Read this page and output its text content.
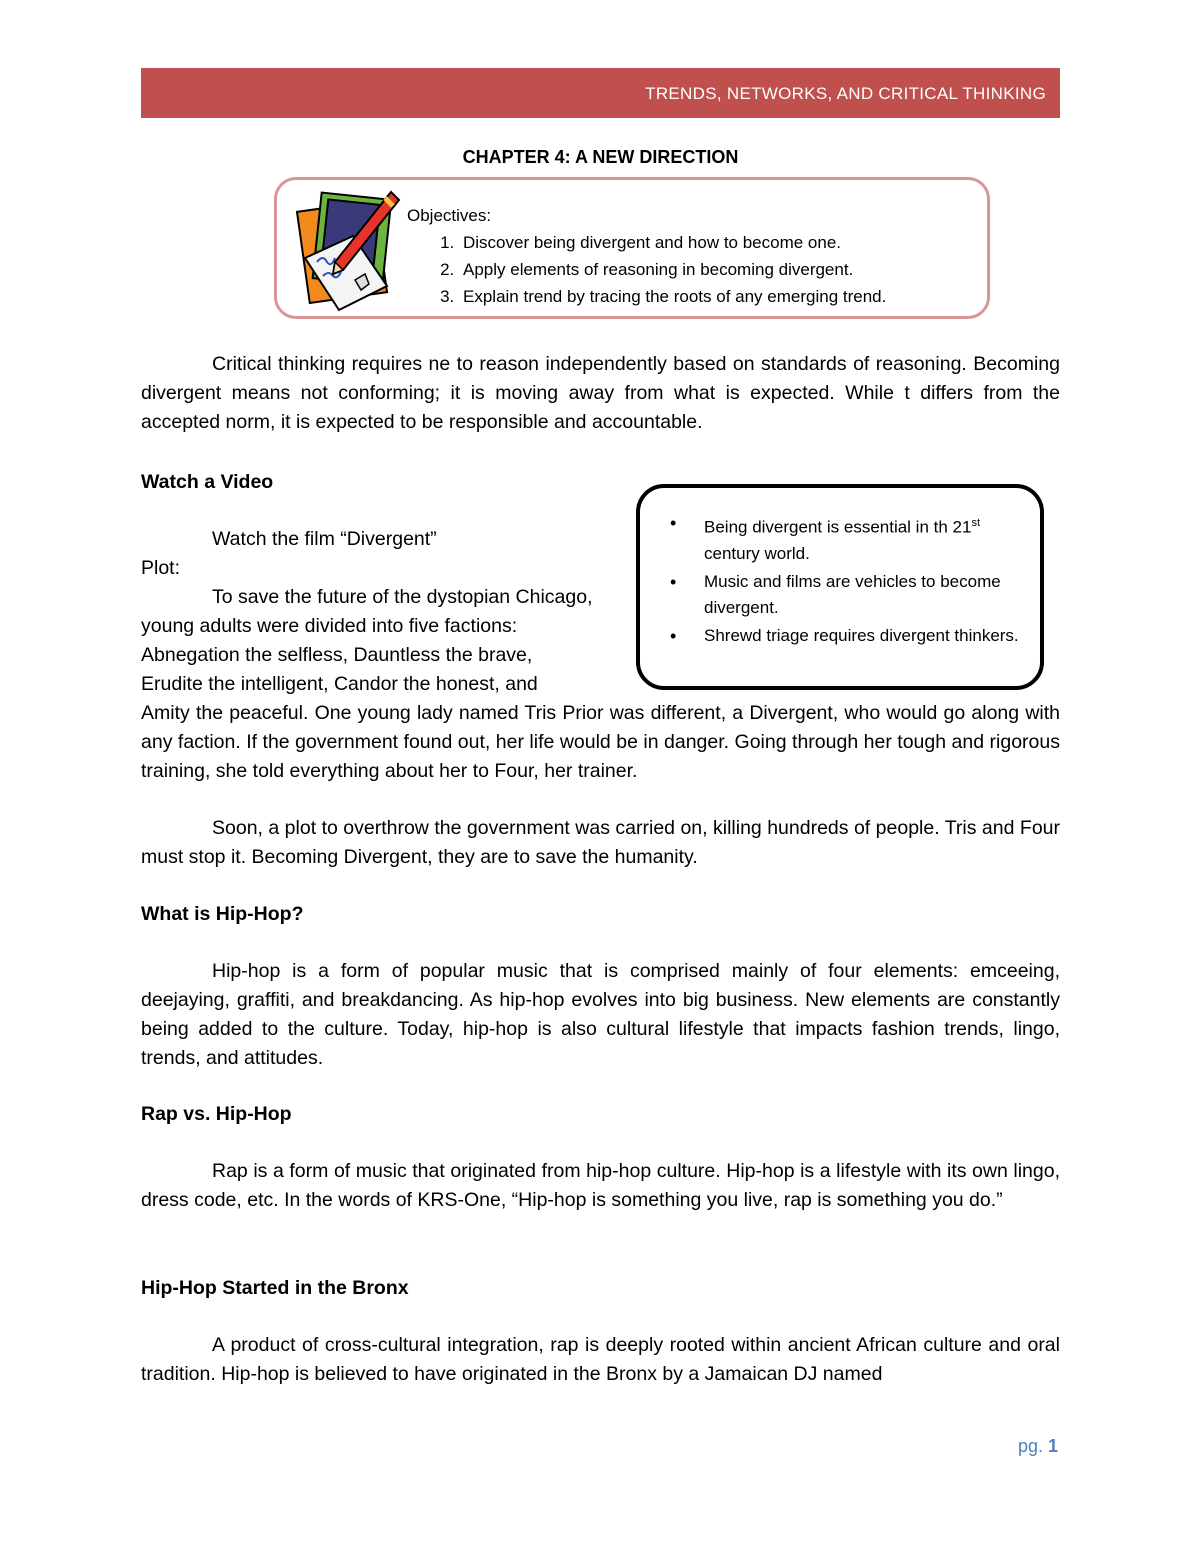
TRENDS, NETWORKS, AND CRITICAL THINKING
CHAPTER 4: A NEW DIRECTION
Objectives:
1. Discover being divergent and how to become one.
2. Apply elements of reasoning in becoming divergent.
3. Explain trend by tracing the roots of any emerging trend.

Critical thinking requires ne to reason independently based on standards of reasoning. Becoming divergent means not conforming; it is moving away from what is expected. While t differs from the accepted norm, it is expected to be responsible and accountable.

Watch a Video

• Being divergent is essential in th 21st century world.
• Music and films are vehicles to become divergent.
• Shrewd triage requires divergent thinkers.

Watch the film “Divergent”

Plot:

To save the future of the dystopian Chicago,

young adults were divided into five factions:

Abnegation the selfless, Dauntless the brave,

Erudite the intelligent, Candor the honest, and

Amity the peaceful. One young lady named Tris Prior was different, a Divergent, who would go along with any faction. If the government found out, her life would be in danger. Going through her tough and rigorous training, she told everything about her to Four, her trainer.

Soon, a plot to overthrow the government was carried on, killing hundreds of people. Tris and Four must stop it. Becoming Divergent, they are to save the humanity.

What is Hip-Hop?

Hip-hop is a form of popular music that is comprised mainly of four elements: emceeing, deejaying, graffiti, and breakdancing. As hip-hop evolves into big business. New elements are constantly being added to the culture. Today, hip-hop is also cultural lifestyle that impacts fashion trends, lingo, trends, and attitudes.

Rap vs. Hip-Hop

Rap is a form of music that originated from hip-hop culture. Hip-hop is a lifestyle with its own lingo, dress code, etc. In the words of KRS-One, “Hip-hop is something you live, rap is something you do.”

Hip-Hop Started in the Bronx

A product of cross-cultural integration, rap is deeply rooted within ancient African culture and oral tradition. Hip-hop is believed to have originated in the Bronx by a Jamaican DJ named

pg. 1
